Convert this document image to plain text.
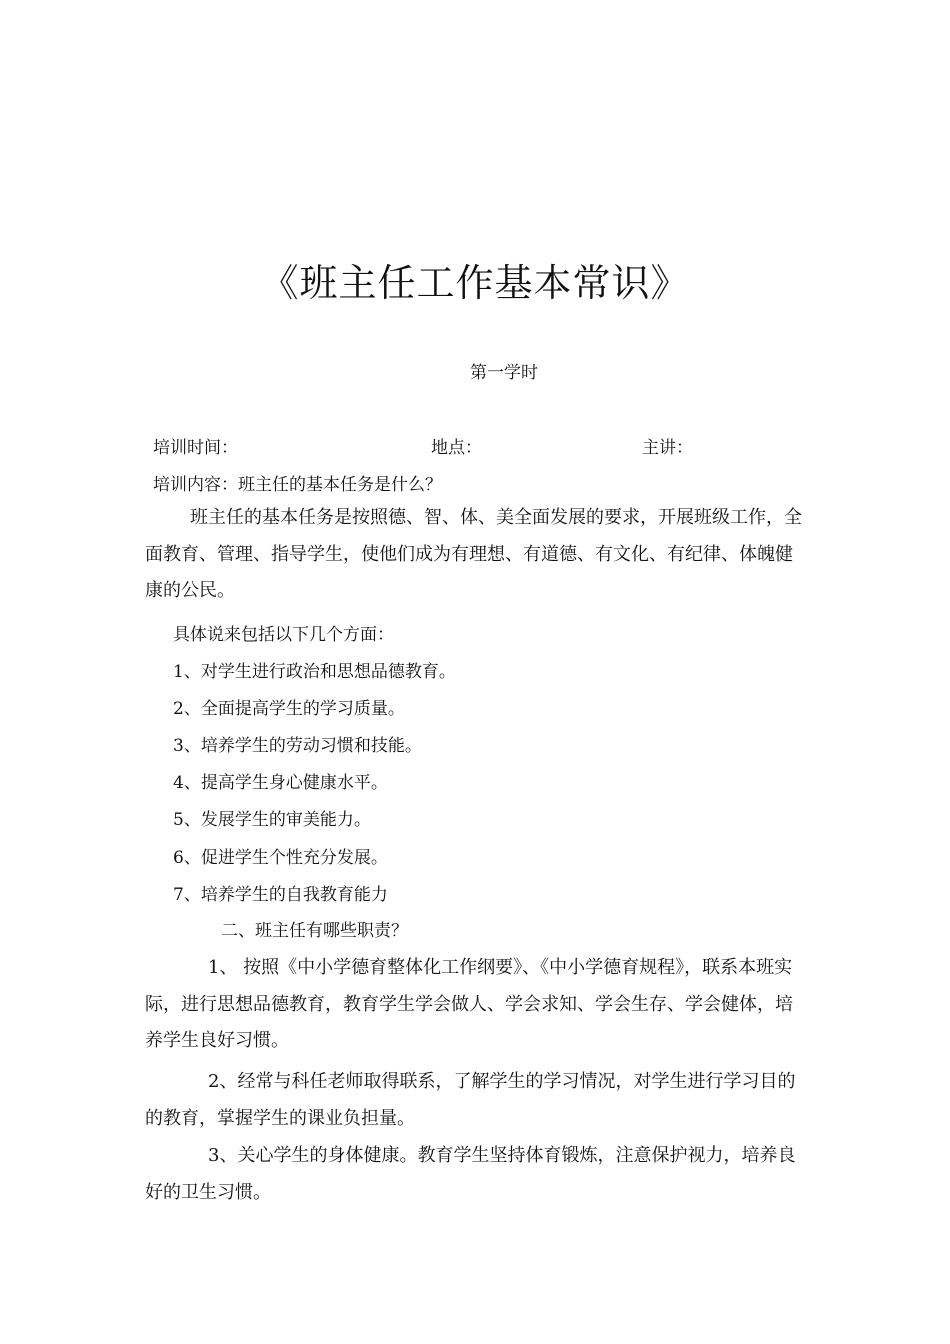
《班主任工作基本常识》
第一学时
培训时间：	地点：	主讲：
培训内容：班主任的基本任务是什么？

班主任的基本任务是按照德、智、体、美全面发展的要求，开展班级工作，全面教育、管理、指导学生，使他们成为有理想、有道德、有文化、有纪律、体魄健康的公民。

具体说来包括以下几个方面：
1、对学生进行政治和思想品德教育。
2、全面提高学生的学习质量。
3、培养学生的劳动习惯和技能。
4、提高学生身心健康水平。
5、发展学生的审美能力。
6、促进学生个性充分发展。
7、培养学生的自我教育能力
二、班主任有哪些职责？

1、 按照《中小学德育整体化工作纲要》、《中小学德育规程》，联系本班实际，进行思想品德教育，教育学生学会做人、学会求知、学会生存、学会健体，培养学生良好习惯。

2、经常与科任老师取得联系，了解学生的学习情况，对学生进行学习目的的教育，掌握学生的课业负担量。

3、关心学生的身体健康。教育学生坚持体育锻炼，注意保护视力，培养良好的卫生习惯。
